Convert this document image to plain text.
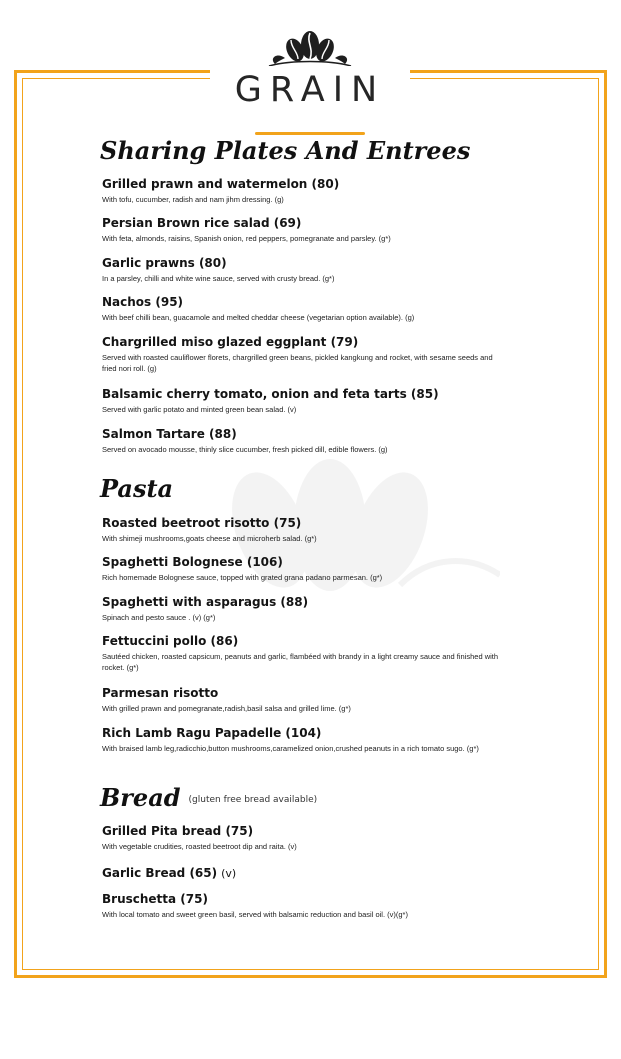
GRAIN
Sharing Plates And Entrees
Grilled prawn and watermelon (80)
With tofu, cucumber, radish and nam jihm dressing. (g)
Persian Brown rice salad (69)
With feta, almonds, raisins, Spanish onion, red peppers, pomegranate and parsley. (g*)
Garlic prawns (80)
In a parsley, chilli and white wine sauce, served with crusty bread. (g*)
Nachos (95)
With beef chilli bean, guacamole and melted cheddar cheese (vegetarian option available). (g)
Chargrilled miso glazed eggplant (79)
Served with roasted cauliflower florets, chargrilled green beans, pickled kangkung and rocket, with sesame seeds and fried nori roll. (g)
Balsamic cherry tomato, onion and feta tarts (85)
Served with garlic potato and minted green bean salad. (v)
Salmon Tartare (88)
Served on avocado mousse, thinly slice cucumber, fresh picked dill, edible flowers. (g)
Pasta
Roasted beetroot risotto (75)
With shimeji mushrooms,goats cheese and microherb salad. (g*)
Spaghetti Bolognese (106)
Rich homemade Bolognese sauce, topped with grated grana padano parmesan. (g*)
Spaghetti with asparagus (88)
Spinach and pesto sauce . (v) (g*)
Fettuccini pollo (86)
Sautéed chicken, roasted capsicum, peanuts and garlic, flambéed with brandy in a light creamy sauce and finished with rocket. (g*)
Parmesan risotto
With grilled prawn and pomegranate,radish,basil salsa and grilled lime. (g*)
Rich Lamb Ragu Papadelle (104)
With braised lamb leg,radicchio,button mushrooms,caramelized onion,crushed peanuts in a rich tomato sugo. (g*)
Bread (gluten free bread available)
Grilled Pita bread (75)
With vegetable crudities, roasted beetroot dip and raita. (v)
Garlic Bread (65) (v)
Bruschetta (75)
With local tomato and sweet green basil, served with balsamic reduction and basil oil. (v)(g*)
